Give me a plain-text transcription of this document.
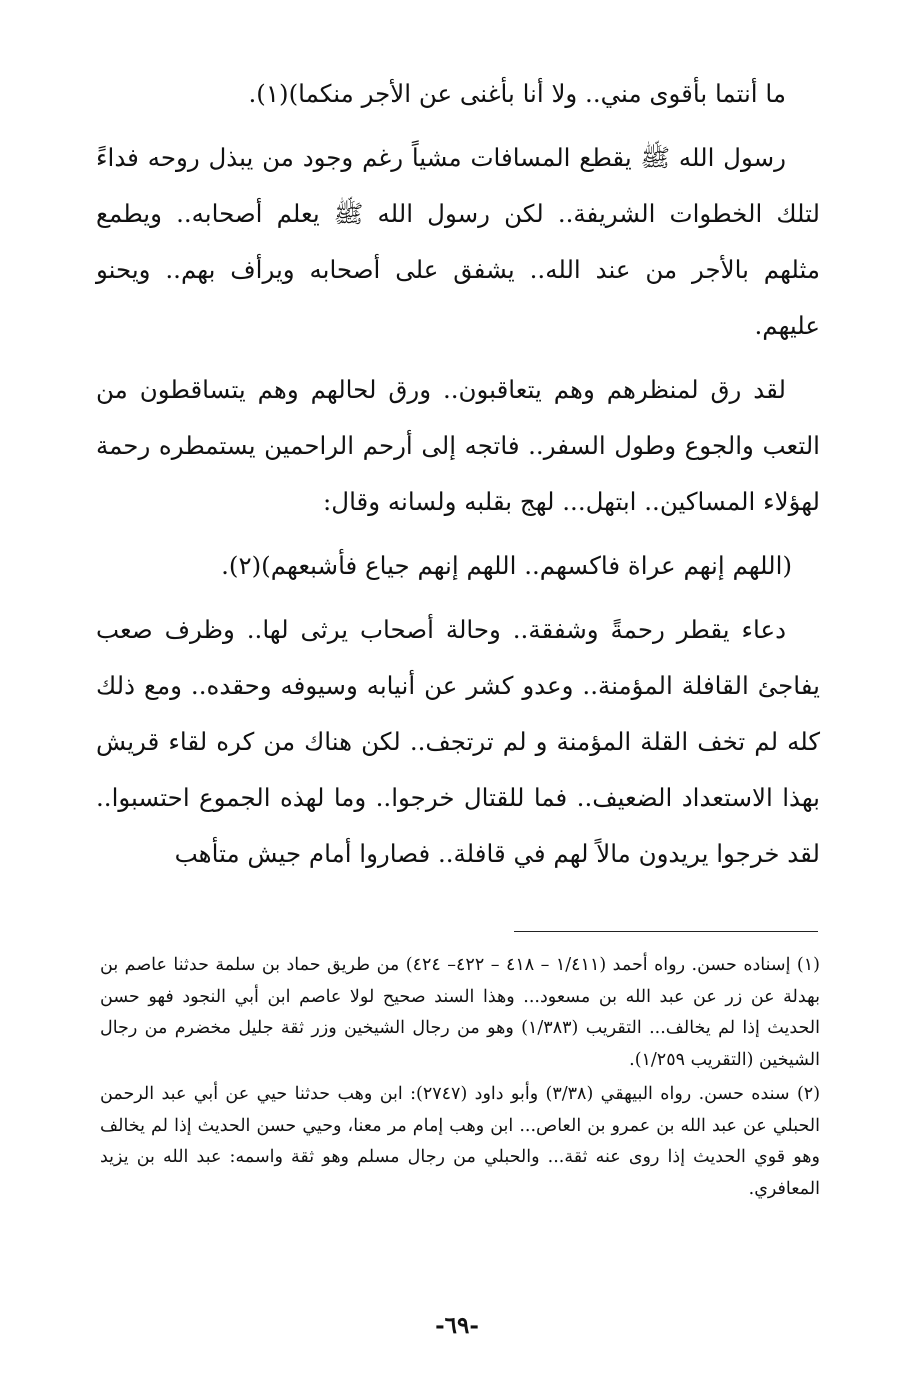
ما أنتما بأقوى مني.. ولا أنا بأغنى عن الأجر منكما)(١).

رسول الله ﷺ يقطع المسافات مشياً رغم وجود من يبذل روحه فداءً لتلك الخطوات الشريفة.. لكن رسول الله ﷺ يعلم أصحابه.. ويطمع مثلهم بالأجر من عند الله.. يشفق على أصحابه ويرأف بهم.. ويحنو عليهم.

لقد رق لمنظرهم وهم يتعاقبون.. ورق لحالهم وهم يتساقطون من التعب والجوع وطول السفر.. فاتجه إلى أرحم الراحمين يستمطره رحمة لهؤلاء المساكين.. ابتهل... لهج بقلبه ولسانه وقال:

(اللهم إنهم عراة فاكسهم.. اللهم إنهم جياع فأشبعهم)(٢).

دعاء يقطر رحمةً وشفقة.. وحالة أصحاب يرثى لها.. وظرف صعب يفاجئ القافلة المؤمنة.. وعدو كشر عن أنيابه وسيوفه وحقده.. ومع ذلك كله لم تخف القلة المؤمنة و لم ترتجف.. لكن هناك من كره لقاء قريش بهذا الاستعداد الضعيف.. فما للقتال خرجوا.. وما لهذه الجموع احتسبوا.. لقد خرجوا يريدون مالاً لهم في قافلة.. فصاروا أمام جيش متأهب

(١) إسناده حسن. رواه أحمد (١/٤١١ – ٤١٨ – ٤٢٢– ٤٢٤) من طريق حماد بن سلمة حدثنا عاصم بن بهدلة عن زر عن عبد الله بن مسعود... وهذا السند صحيح لولا عاصم ابن أبي النجود فهو حسن الحديث إذا لم يخالف... التقريب (١/٣٨٣) وهو من رجال الشيخين وزر ثقة جليل مخضرم من رجال الشيخين (التقريب ١/٢٥٩).

(٢) سنده حسن. رواه البيهقي (٣/٣٨) وأبو داود (٢٧٤٧): ابن وهب حدثنا حيي عن أبي عبد الرحمن الحبلي عن عبد الله بن عمرو بن العاص... ابن وهب إمام مر معنا، وحيي حسن الحديث إذا لم يخالف وهو قوي الحديث إذا روى عنه ثقة... والحبلي من رجال مسلم وهو ثقة واسمه: عبد الله بن يزيد المعافري.

-٦٩-
